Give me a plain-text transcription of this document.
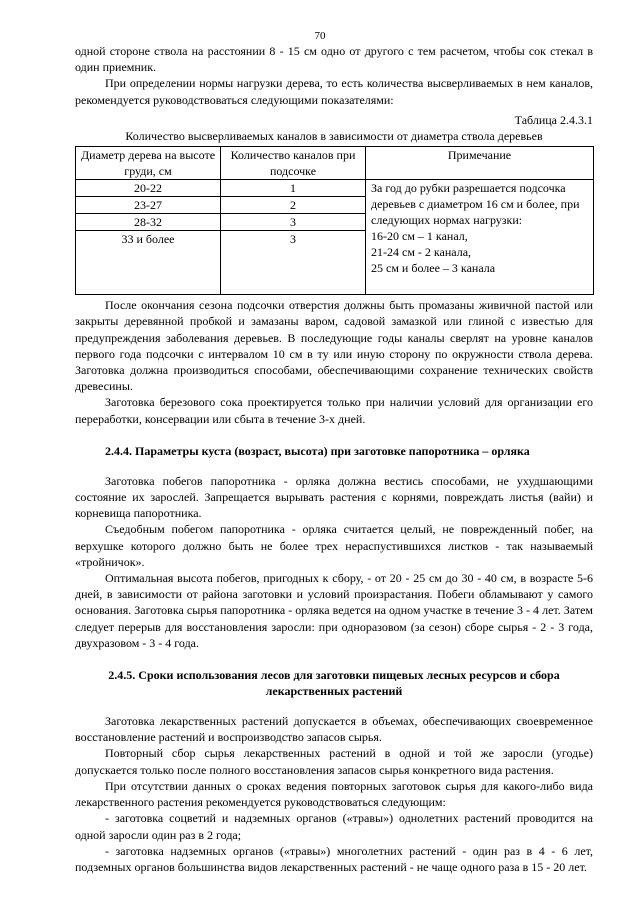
70

одной стороне ствола на расстоянии 8 - 15 см одно от другого с тем расчетом, чтобы сок стекал в один приемник.

При определении нормы нагрузки дерева, то есть количества высверливаемых в нем каналов, рекомендуется руководствоваться следующими показателями:

Таблица 2.4.3.1
Количество высверливаемых каналов в зависимости от диаметра ствола деревьев
Диаметр дерева на высоте груди, см	Количество каналов при подсочке	Примечание
20-22	1	За год до рубки разрешается подсочка деревьев с диаметром 16 см и более, при следующих нормах нагрузки:
16-20 см – 1 канал,
21-24 см - 2 канала,
25 см и более – 3 канала

23-27	2	
28-32	3	
33 и более	3	

После окончания сезона подсочки отверстия должны быть промазаны живичной пастой или закрыты деревянной пробкой и замазаны варом, садовой замазкой или глиной с известью для предупреждения заболевания деревьев. В последующие годы каналы сверлят на уровне каналов первого года подсочки с интервалом 10 см в ту или иную сторону по окружности ствола дерева. Заготовка должна производиться способами, обеспечивающими сохранение технических свойств древесины.

Заготовка березового сока проектируется только при наличии условий для организации его переработки, консервации или сбыта в течение 3-х дней.

2.4.4. Параметры куста (возраст, высота) при заготовке папоротника – орляка

Заготовка побегов папоротника - орляка должна вестись способами, не ухудшающими состояние их зарослей. Запрещается вырывать растения с корнями, повреждать листья (вайи) и корневища папоротника.

Съедобным побегом папоротника - орляка считается целый, не поврежденный побег, на верхушке которого должно быть не более трех нераспустившихся листков - так называемый «тройничок».

Оптимальная высота побегов, пригодных к сбору, - от 20 - 25 см до 30 - 40 см, в возрасте 5-6 дней, в зависимости от района заготовки и условий произрастания. Побеги обламывают у самого основания. Заготовка сырья папоротника - орляка ведется на одном участке в течение 3 - 4 лет. Затем следует перерыв для восстановления заросли: при одноразовом (за сезон) сборе сырья - 2 - 3 года, двухразовом - 3 - 4 года.

2.4.5. Сроки использования лесов для заготовки пищевых лесных ресурсов и сбора лекарственных растений

Заготовка лекарственных растений допускается в объемах, обеспечивающих своевременное восстановление растений и воспроизводство запасов сырья.

Повторный сбор сырья лекарственных растений в одной и той же заросли (угодье) допускается только после полного восстановления запасов сырья конкретного вида растения.

При отсутствии данных о сроках ведения повторных заготовок сырья для какого-либо вида лекарственного растения рекомендуется руководствоваться следующим:

- заготовка соцветий и надземных органов («травы») однолетних растений проводится на одной заросли один раз в 2 года;

- заготовка надземных органов («травы») многолетних растений - один раз в 4 - 6 лет, подземных органов большинства видов лекарственных растений - не чаще одного раза в 15 - 20 лет.
